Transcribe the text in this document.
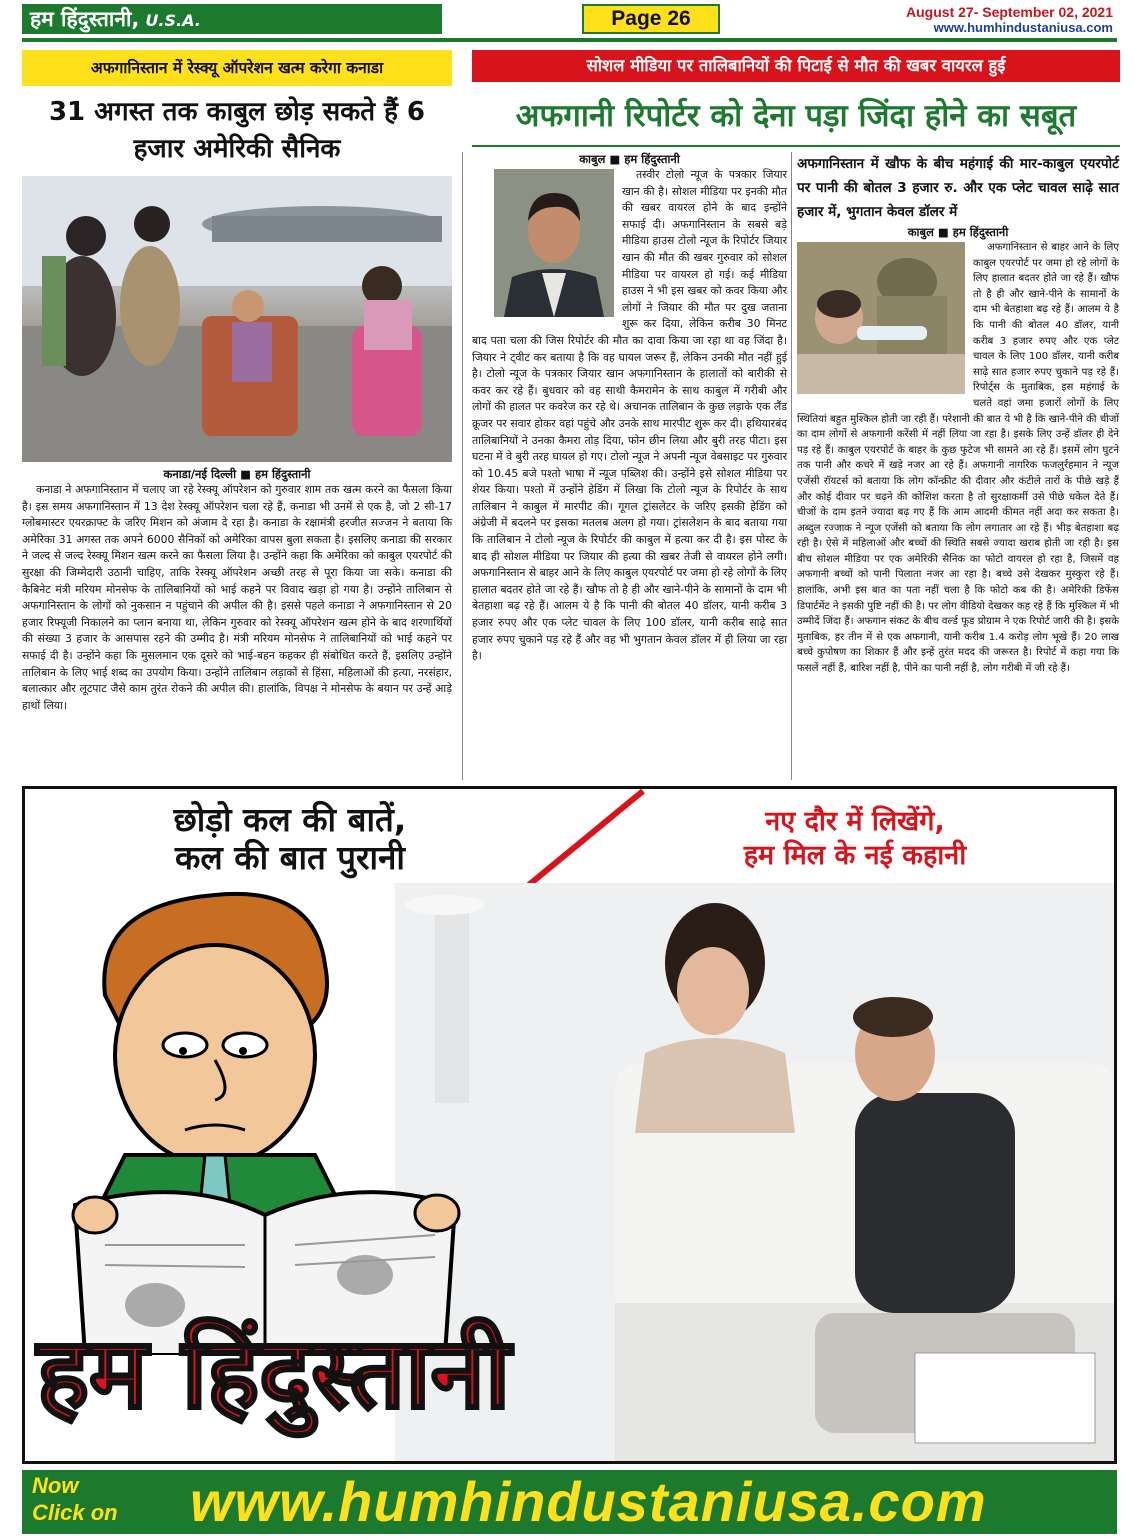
हम हिंदुस्तानी, U.S.A.	Page 26	August 27- September 02, 2021
www.humhindustaniusa.com
अफगानिस्तान में रेस्क्यू ऑपरेशन खत्म करेगा कनाडा
31 अगस्त तक काबुल छोड़ सकते हैं 6 हजार अमेरिकी सैनिक
कनाडा/नई दिल्ली ■ हम हिंदुस्तानी

कनाडा ने अफगानिस्तान में चलाए जा रहे रेस्क्यू ऑपरेशन को गुरुवार शाम तक खत्म करने का फैसला किया है। इस समय अफगानिस्तान में 13 देश रेस्क्यू ऑपरेशन चला रहे हैं, कनाडा भी उनमें से एक है, जो 2 सी-17 ग्लोबमास्टर एयरक्राफ्ट के जरिए मिशन को अंजाम दे रहा है। कनाडा के रक्षामंत्री हरजीत सज्जन ने बताया कि अमेरिका 31 अगस्त तक अपने 6000 सैनिकों को अमेरिका वापस बुला सकता है। इसलिए कनाडा की सरकार ने जल्द से जल्द रेस्क्यू मिशन खत्म करने का फैसला लिया है। उन्होंने कहा कि अमेरिका को काबुल एयरपोर्ट की सुरक्षा की जिम्मेदारी उठानी चाहिए, ताकि रेस्क्यू ऑपरेशन अच्छी तरह से पूरा किया जा सके। कनाडा की कैबिनेट मंत्री मरियम मोनसेफ के तालिबानियों को भाई कहने पर विवाद खड़ा हो गया है। उन्होंने तालिबान से अफगानिस्तान के लोगों को नुकसान न पहुंचाने की अपील की है। इससे पहले कनाडा ने अफगानिस्तान से 20 हजार रिफ्यूजी निकालने का प्लान बनाया था, लेकिन गुरुवार को रेस्क्यू ऑपरेशन खत्म होने के बाद शरणार्थियों की संख्या 3 हजार के आसपास रहने की उम्मीद है। मंत्री मरियम मोनसेफ ने तालिबानियों को भाई कहने पर सफाई दी है। उन्होंने कहा कि मुसलमान एक दूसरे को भाई-बहन कहकर ही संबोधित करते हैं, इसलिए उन्होंने तालिबान के लिए भाई शब्द का उपयोग किया। उन्होंने तालिबान लड़ाकों से हिंसा, महिलाओं की हत्या, नरसंहार, बलात्कार और लूटपाट जैसे काम तुरंत रोकने की अपील की। हालांकि, विपक्ष ने मोनसेफ के बयान पर उन्हें आड़े हाथों लिया।

सोशल मीडिया पर तालिबानियों की पिटाई से मौत की खबर वायरल हुई
अफगानी रिपोर्टर को देना पड़ा जिंदा होने का सबूत
काबुल ■ हम हिंदुस्तानी

तस्वीर टोलो न्यूज के पत्रकार जियार खान की है। सोशल मीडिया पर इनकी मौत की खबर वायरल होने के बाद इन्होंने सफाई दी। अफगानिस्तान के सबसे बड़े मीडिया हाउस टोलो न्यूज के रिपोर्टर जियार खान की मौत की खबर गुरुवार को सोशल मीडिया पर वायरल हो गई। कई मीडिया हाउस ने भी इस खबर को कवर किया और लोगों ने जियार की मौत पर दुख जताना शुरू कर दिया, लेकिन करीब 30 मिनट बाद पता चला की जिस रिपोर्टर की मौत का दावा किया जा रहा था वह जिंदा है। जियार ने ट्वीट कर बताया है कि वह घायल जरूर हैं, लेकिन उनकी मौत नहीं हुई है। टोलो न्यूज के पत्रकार जियार खान अफगानिस्तान के हालातों को बारीकी से कवर कर रहे हैं। बुधवार को वह साथी कैमरामेन के साथ काबुल में गरीबी और लोगों की हालत पर कवरेज कर रहे थे। अचानक तालिबान के कुछ लड़ाके एक लैंड क्रूजर पर सवार होकर वहां पहुंचे और उनके साथ मारपीट शुरू कर दी। हथियारबंद तालिबानियों ने उनका कैमरा तोड़ दिया, फोन छीन लिया और बुरी तरह पीटा। इस घटना में वे बुरी तरह घायल हो गए। टोलो न्यूज ने अपनी न्यूज वेबसाइट पर गुरुवार को 10.45 बजे पश्तो भाषा में न्यूज पब्लिश की। उन्होंने इसे सोशल मीडिया पर शेयर किया। पश्तो में उन्होंने हेडिंग में लिखा कि टोलो न्यूज के रिपोर्टर के साथ तालिबान ने काबुल में मारपीट की। गूगल ट्रांसलेटर के जरिए इसकी हेडिंग को अंग्रेजी में बदलने पर इसका मतलब अलग हो गया। ट्रांसलेशन के बाद बताया गया कि तालिबान ने टोलो न्यूज के रिपोर्टर की काबुल में हत्या कर दी है। इस पोस्ट के बाद ही सोशल मीडिया पर जियार की हत्या की खबर तेजी से वायरल होने लगी। अफगानिस्तान से बाहर आने के लिए काबुल एयरपोर्ट पर जमा हो रहे लोगों के लिए हालात बदतर होते जा रहे हैं। खौफ तो है ही और खाने-पीने के सामानों के दाम भी बेतहाशा बढ़ रहे हैं। आलम ये है कि पानी की बोतल 40 डॉलर, यानी करीब 3 हजार रुपए और एक प्लेट चावल के लिए 100 डॉलर, यानी करीब साढ़े सात हजार रुपए चुकाने पड़ रहे हैं और वह भी भुगतान केवल डॉलर में ही लिया जा रहा है।

अफगानिस्तान में खौफ के बीच महंगाई की मार-काबुल एयरपोर्ट पर पानी की बोतल 3 हजार रु. और एक प्लेट चावल साढ़े सात हजार में, भुगतान केवल डॉलर में
काबुल ■ हम हिंदुस्तानी

अफगानिस्तान से बाहर आने के लिए काबुल एयरपोर्ट पर जमा हो रहे लोगों के लिए हालात बदतर होते जा रहे हैं। खौफ तो है ही और खाने-पीने के सामानों के दाम भी बेतहाशा बढ़ रहे हैं। आलम ये है कि पानी की बोतल 40 डॉलर, यानी करीब 3 हजार रुपए और एक प्लेट चावल के लिए 100 डॉलर, यानी करीब साढ़े सात हजार रुपए चुकाने पड़ रहे हैं। रिपोर्ट्स के मुताबिक, इस महंगाई के चलते वहां जमा हजारों लोगों के लिए स्थितियां बहुत मुश्किल होती जा रही हैं। परेशानी की बात ये भी है कि खाने-पीने की चीजों का दाम लोगों से अफगानी करेंसी में नहीं लिया जा रहा है। इसके लिए उन्हें डॉलर ही देने पड़ रहे हैं। काबुल एयरपोर्ट के बाहर के कुछ फुटेज भी सामने आ रहे हैं। इसमें लोग घुटने तक पानी और कचरे में खड़े नजर आ रहे हैं। अफगानी नागरिक फजलुर्रहमान ने न्यूज एजेंसी रॉयटर्स को बताया कि लोग कॉन्क्रीट की दीवार और कंटीले तारों के पीछे खड़े हैं और कोई दीवार पर चढ़ने की कोशिश करता है तो सुरक्षाकर्मी उसे पीछे धकेल देते हैं। चीजों के दाम इतने ज्यादा बढ़ गए हैं कि आम आदमी कीमत नहीं अदा कर सकता है। अब्दुल रज्जाक ने न्यूज एजेंसी को बताया कि लोग लगातार आ रहे हैं। भीड़ बेतहाशा बढ़ रही है। ऐसे में महिलाओं और बच्चों की स्थिति सबसे ज्यादा खराब होती जा रही है। इस बीच सोशल मीडिया पर एक अमेरिकी सैनिक का फोटो वायरल हो रहा है, जिसमें वह अफगानी बच्चों को पानी पिलाता नजर आ रहा है। बच्चे उसे देखकर मुस्कुरा रहे हैं। हालांकि, अभी इस बात का पता नहीं चला है कि फोटो कब की है। अमेरिकी डिफेंस डिपार्टमेंट ने इसकी पुष्टि नहीं की है। पर लोग वीडियो देखकर कह रहे हैं कि मुश्किल में भी उम्मीदें जिंदा हैं। अफगान संकट के बीच वर्ल्ड फूड प्रोग्राम ने एक रिपोर्ट जारी की है। इसके मुताबिक, हर तीन में से एक अफगानी, यानी करीब 1.4 करोड़ लोग भूखे हैं। 20 लाख बच्चे कुपोषण का शिकार हैं और इन्हें तुरंत मदद की जरूरत है। रिपोर्ट में कहा गया कि फसलें नहीं हैं, बारिश नहीं है, पीने का पानी नहीं है, लोग गरीबी में जी रहे हैं।

छोड़ो कल की बातें,
कल की बात पुरानी
नए दौर में लिखेंगे,
हम मिल के नई कहानी
हम हिंदुस्तानी
Now
Click on www.humhindustaniusa.com
